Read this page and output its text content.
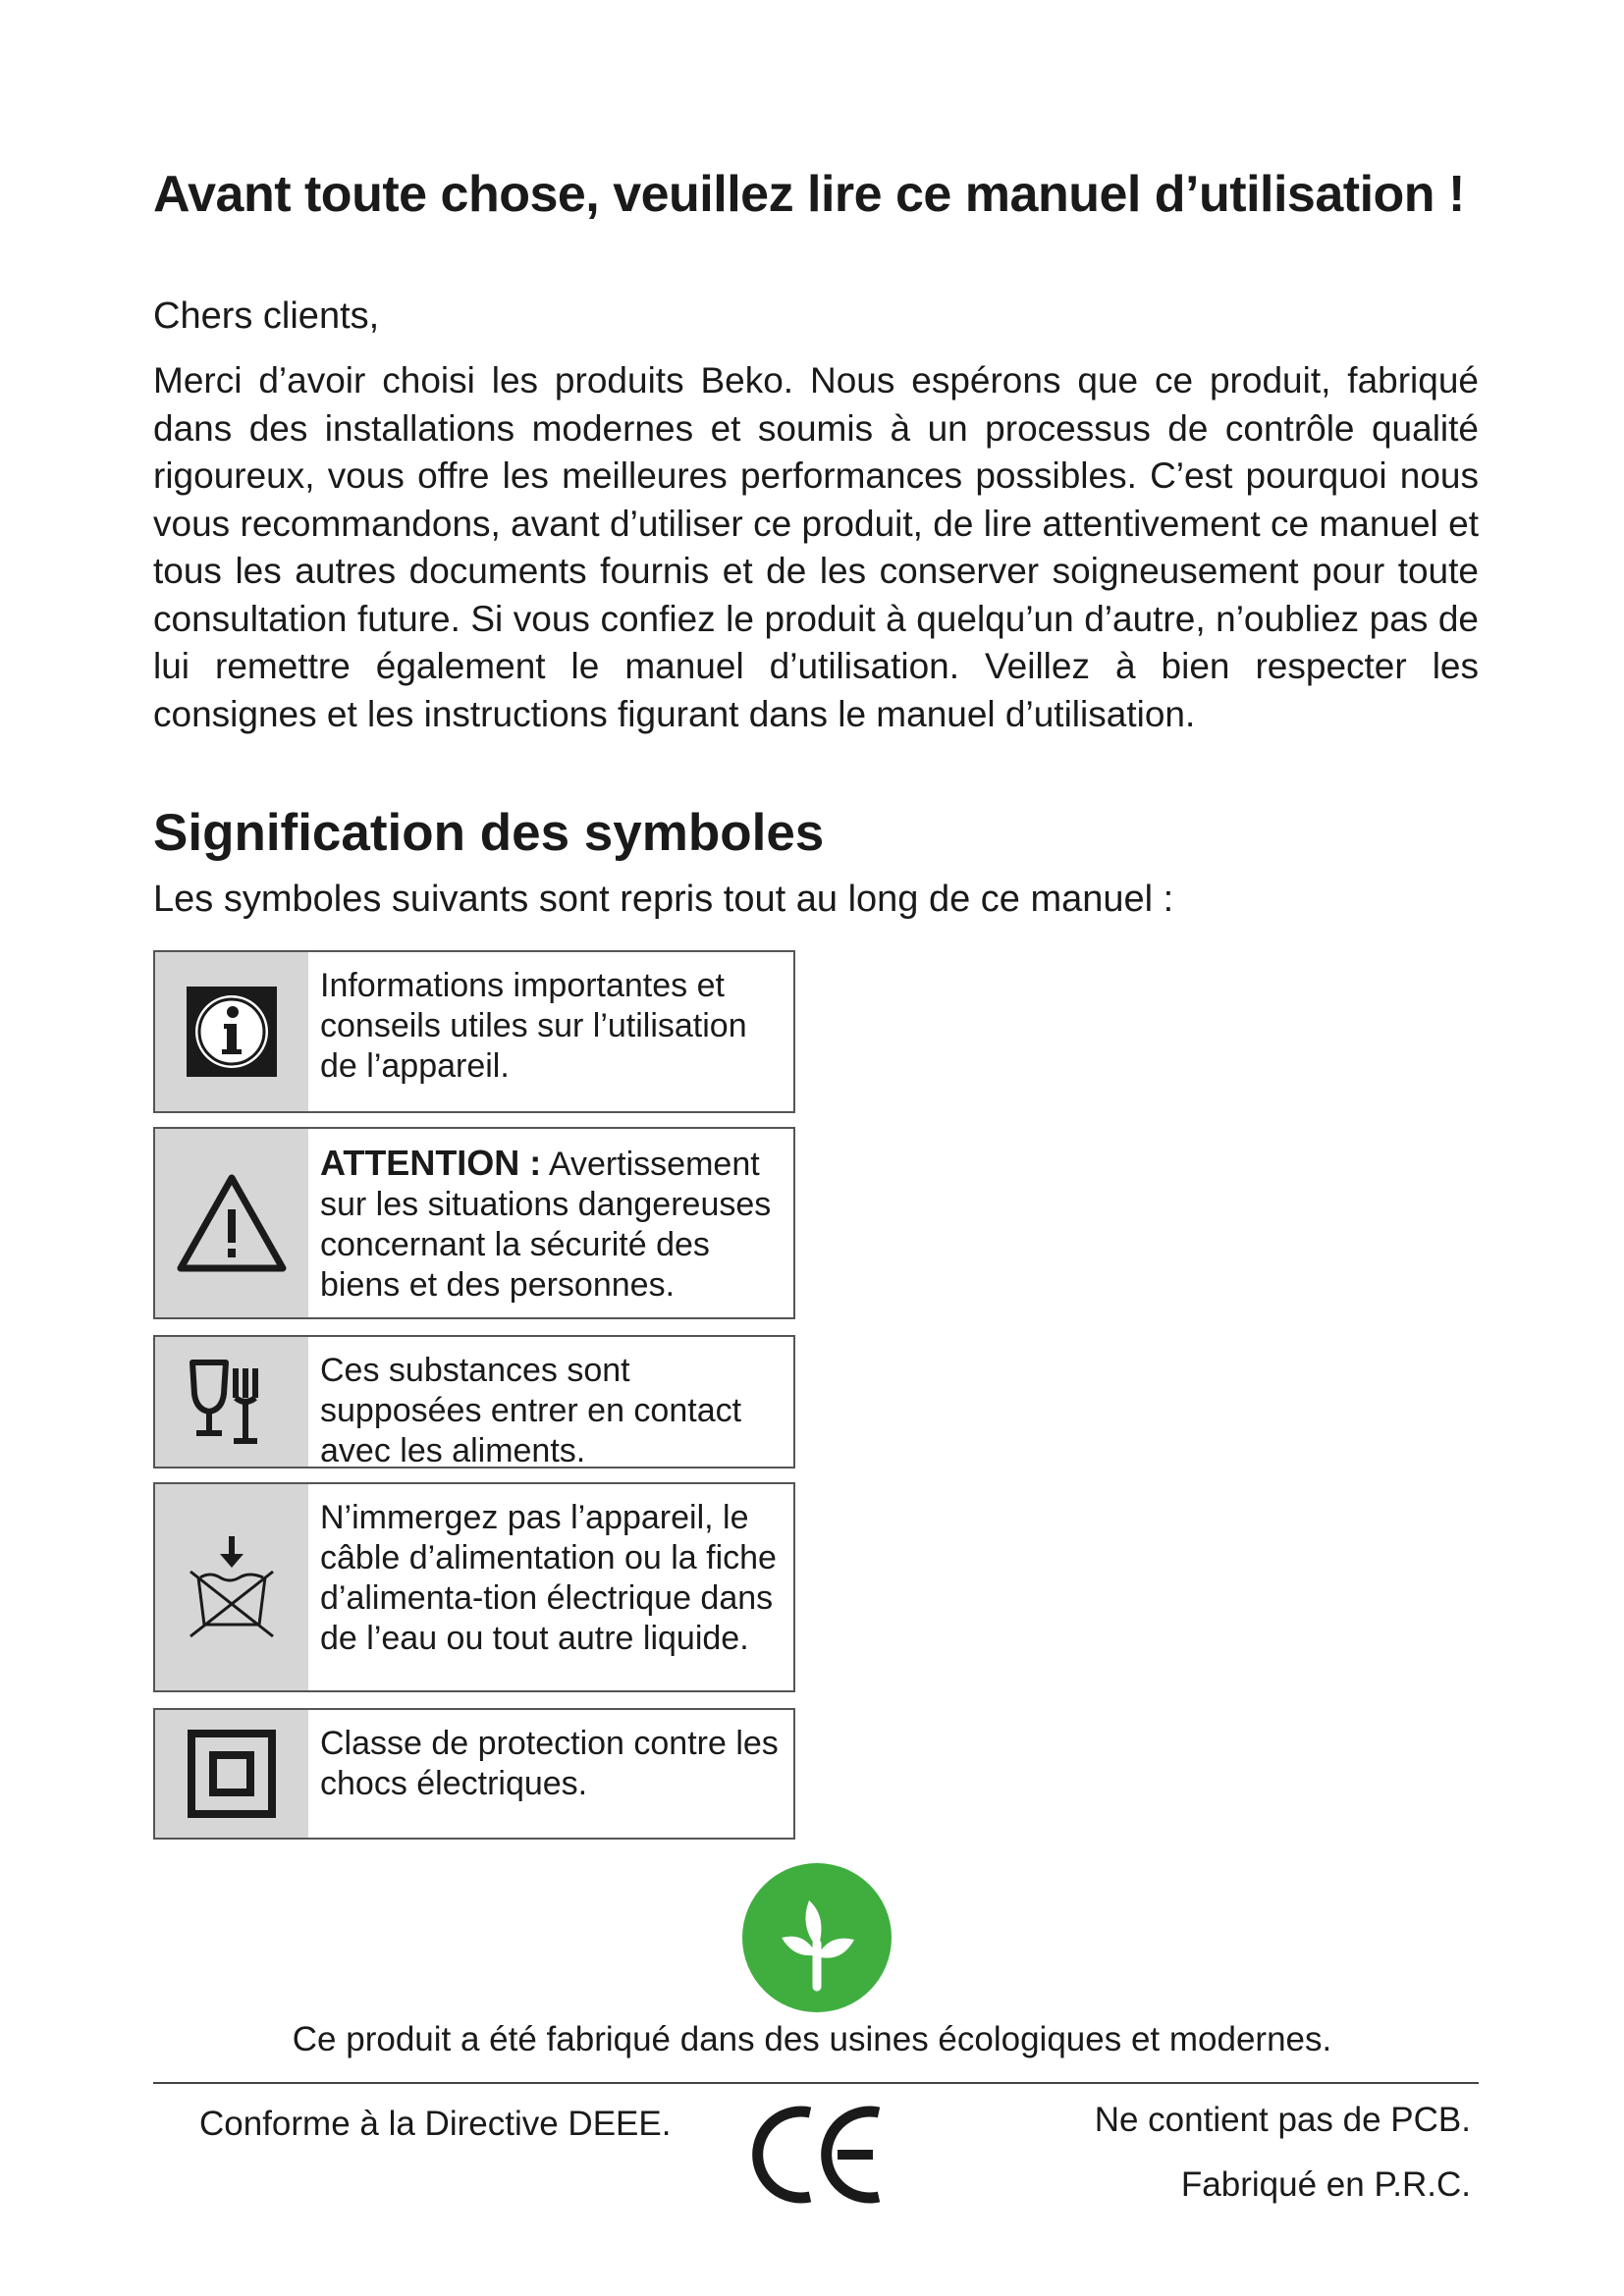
Avant toute chose, veuillez lire ce manuel d’utilisation !
Chers clients,
Merci d’avoir choisi les produits Beko. Nous espérons que ce produit, fabriqué dans des installations modernes et soumis à un processus de contrôle qualité rigoureux, vous offre les meilleures performances possibles. C’est pourquoi nous vous recommandons, avant d’utiliser ce produit, de lire attentivement ce manuel et tous les autres documents fournis et de les conserver soigneusement pour toute consultation future. Si vous confiez le produit à quelqu’un d’autre, n’oubliez pas de lui remettre également le manuel d’utilisation. Veillez à bien respecter les consignes et les instructions figurant dans le manuel d’utilisation.
Signification des symboles
Les symboles suivants sont repris tout au long de ce manuel :
Informations importantes et conseils utiles sur l’utilisation de l’appareil.
ATTENTION : Avertissement sur les situations dangereuses concernant la sécurité des biens et des personnes.
Ces substances sont supposées entrer en contact avec les aliments.
N’immergez pas l’appareil, le câble d’alimentation ou la fiche d’alimenta-tion électrique dans de l’eau ou tout autre liquide.
Classe de protection contre les chocs électriques.
Ce produit a été fabriqué dans des usines écologiques et modernes.
Conforme à la Directive DEEE.	Ne contient pas de PCB.
Fabriqué en P.R.C.
